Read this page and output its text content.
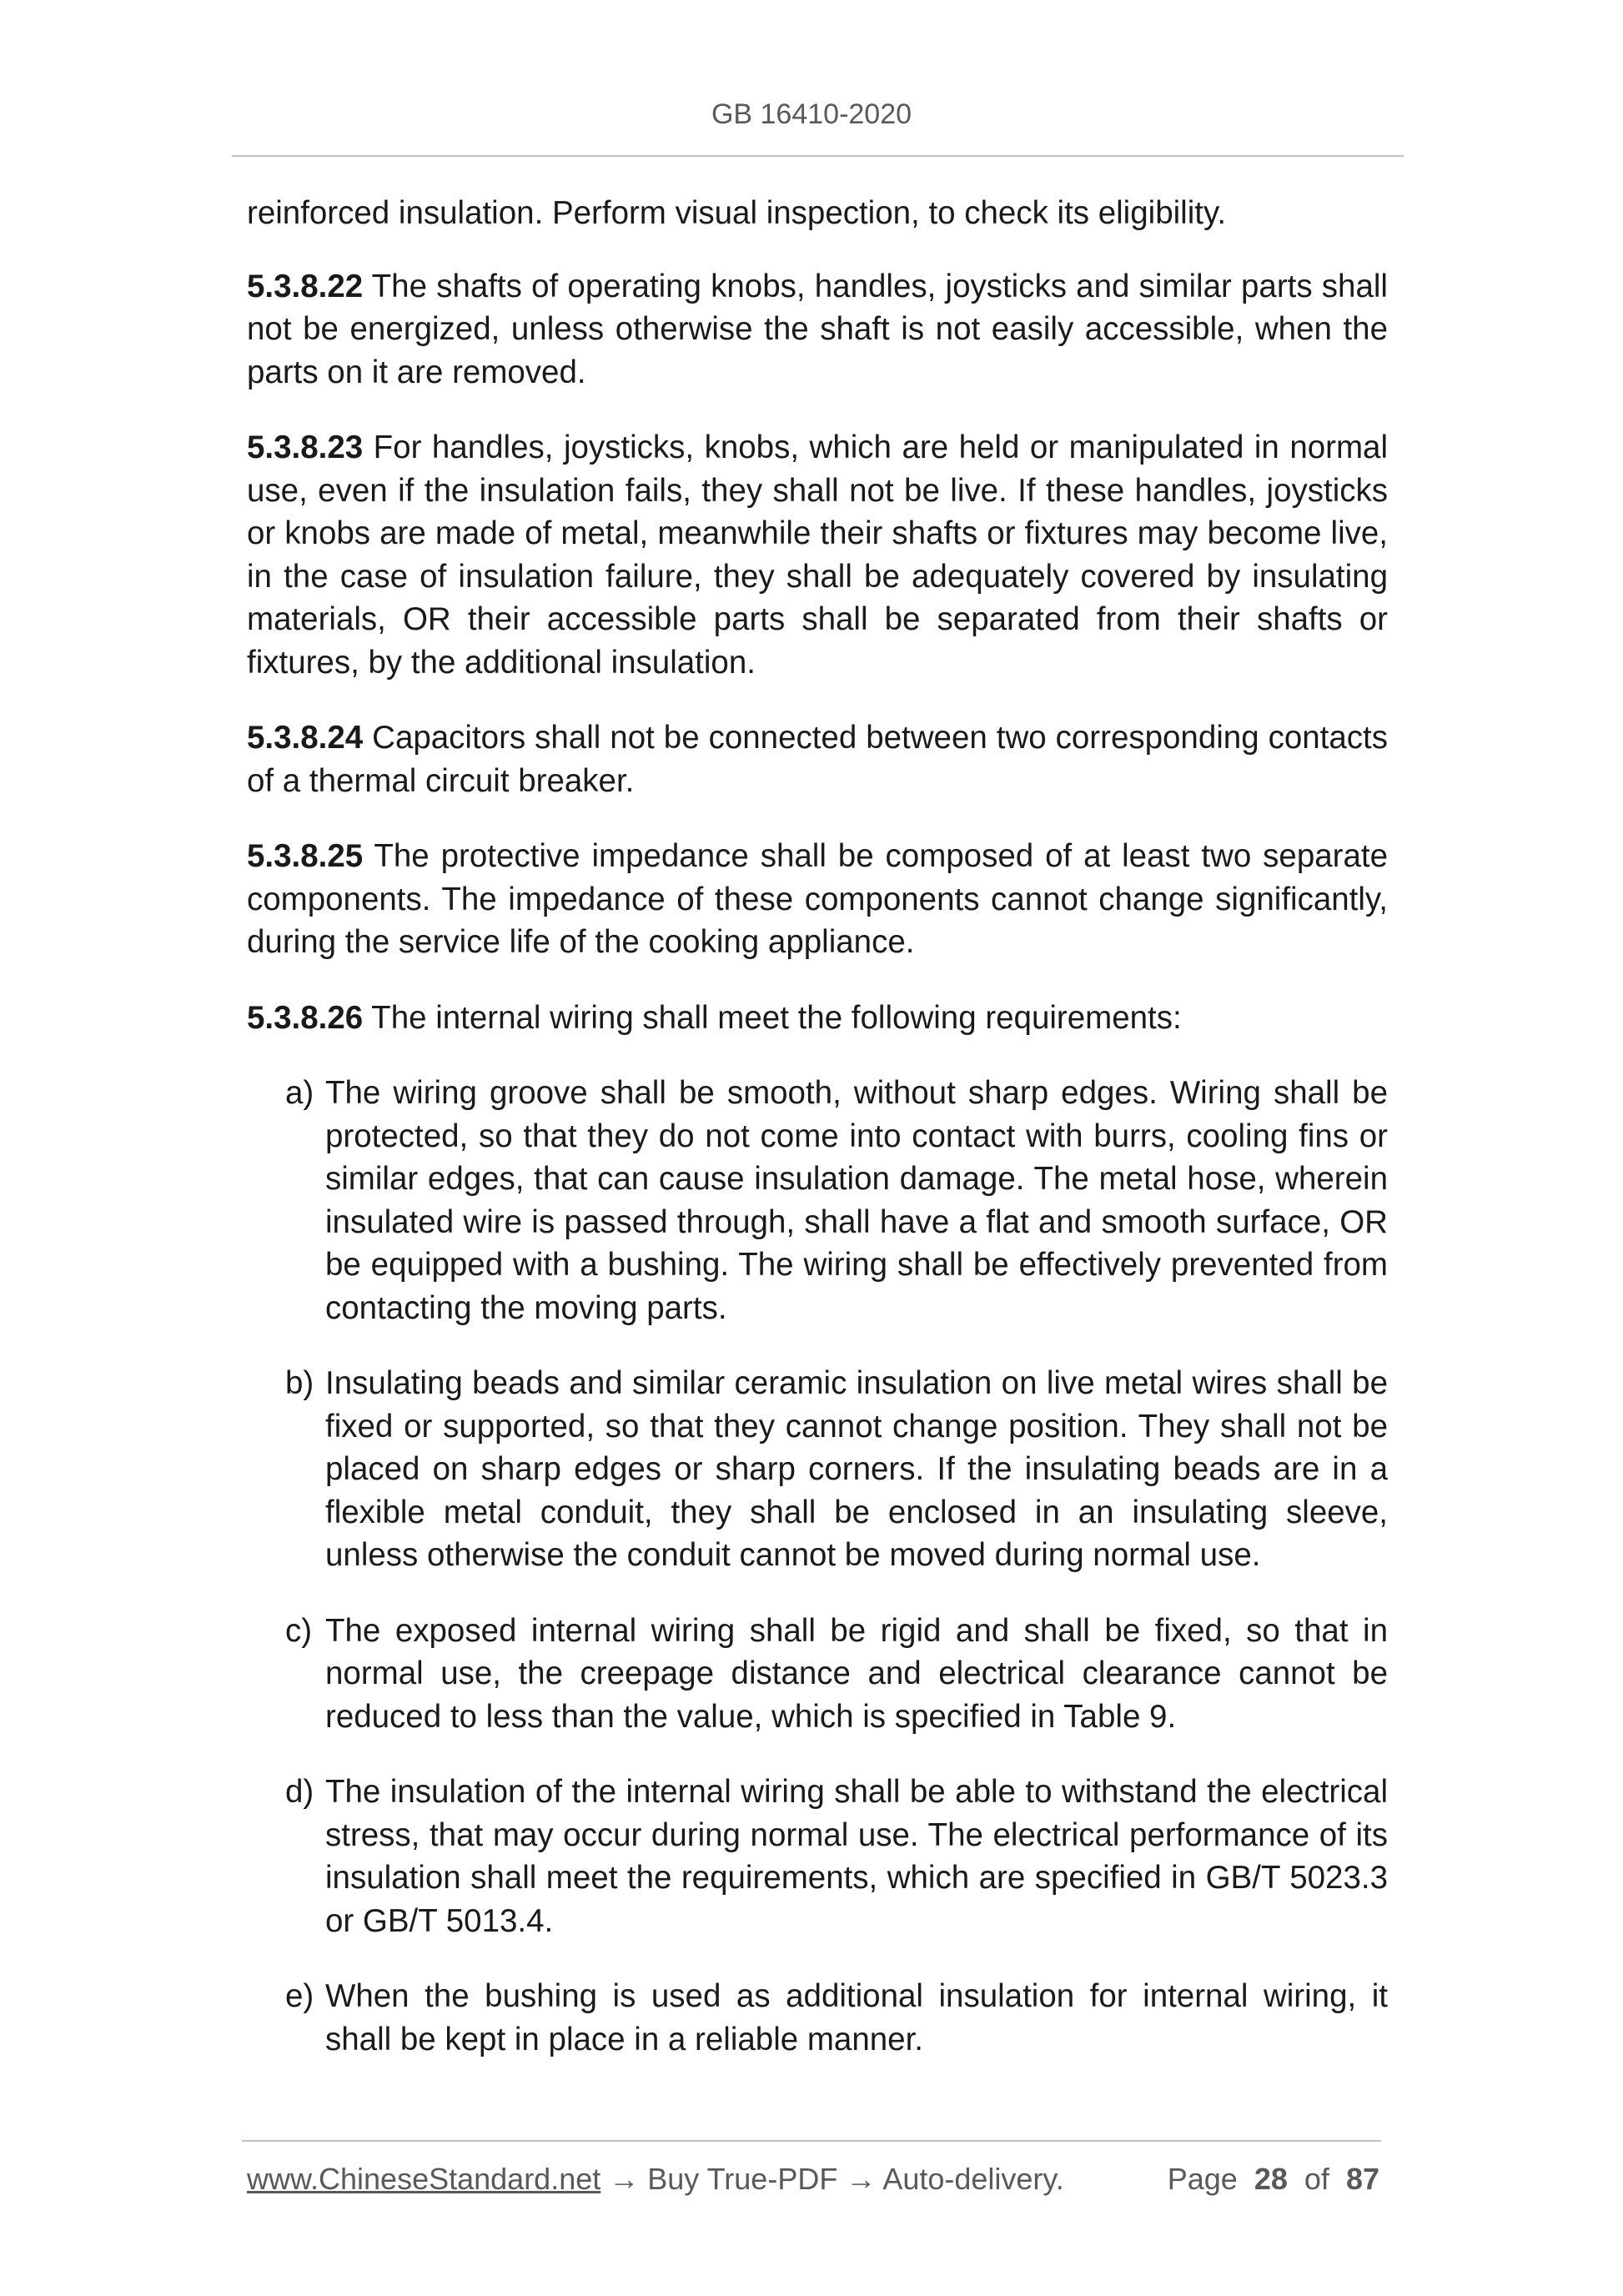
GB 16410-2020

reinforced insulation. Perform visual inspection, to check its eligibility.

5.3.8.22 The shafts of operating knobs, handles, joysticks and similar parts shall not be energized, unless otherwise the shaft is not easily accessible, when the parts on it are removed.

5.3.8.23 For handles, joysticks, knobs, which are held or manipulated in normal use, even if the insulation fails, they shall not be live. If these handles, joysticks or knobs are made of metal, meanwhile their shafts or fixtures may become live, in the case of insulation failure, they shall be adequately covered by insulating materials, OR their accessible parts shall be separated from their shafts or fixtures, by the additional insulation.

5.3.8.24 Capacitors shall not be connected between two corresponding contacts of a thermal circuit breaker.

5.3.8.25 The protective impedance shall be composed of at least two separate components. The impedance of these components cannot change significantly, during the service life of the cooking appliance.

5.3.8.26 The internal wiring shall meet the following requirements:

a) The wiring groove shall be smooth, without sharp edges. Wiring shall be protected, so that they do not come into contact with burrs, cooling fins or similar edges, that can cause insulation damage. The metal hose, wherein insulated wire is passed through, shall have a flat and smooth surface, OR be equipped with a bushing. The wiring shall be effectively prevented from contacting the moving parts.
b) Insulating beads and similar ceramic insulation on live metal wires shall be fixed or supported, so that they cannot change position. They shall not be placed on sharp edges or sharp corners. If the insulating beads are in a flexible metal conduit, they shall be enclosed in an insulating sleeve, unless otherwise the conduit cannot be moved during normal use.
c) The exposed internal wiring shall be rigid and shall be fixed, so that in normal use, the creepage distance and electrical clearance cannot be reduced to less than the value, which is specified in Table 9.
d) The insulation of the internal wiring shall be able to withstand the electrical stress, that may occur during normal use. The electrical performance of its insulation shall meet the requirements, which are specified in GB/T 5023.3 or GB/T 5013.4.
e) When the bushing is used as additional insulation for internal wiring, it shall be kept in place in a reliable manner.
www.ChineseStandard.net → Buy True-PDF → Auto-delivery.	Page 28 of 87
